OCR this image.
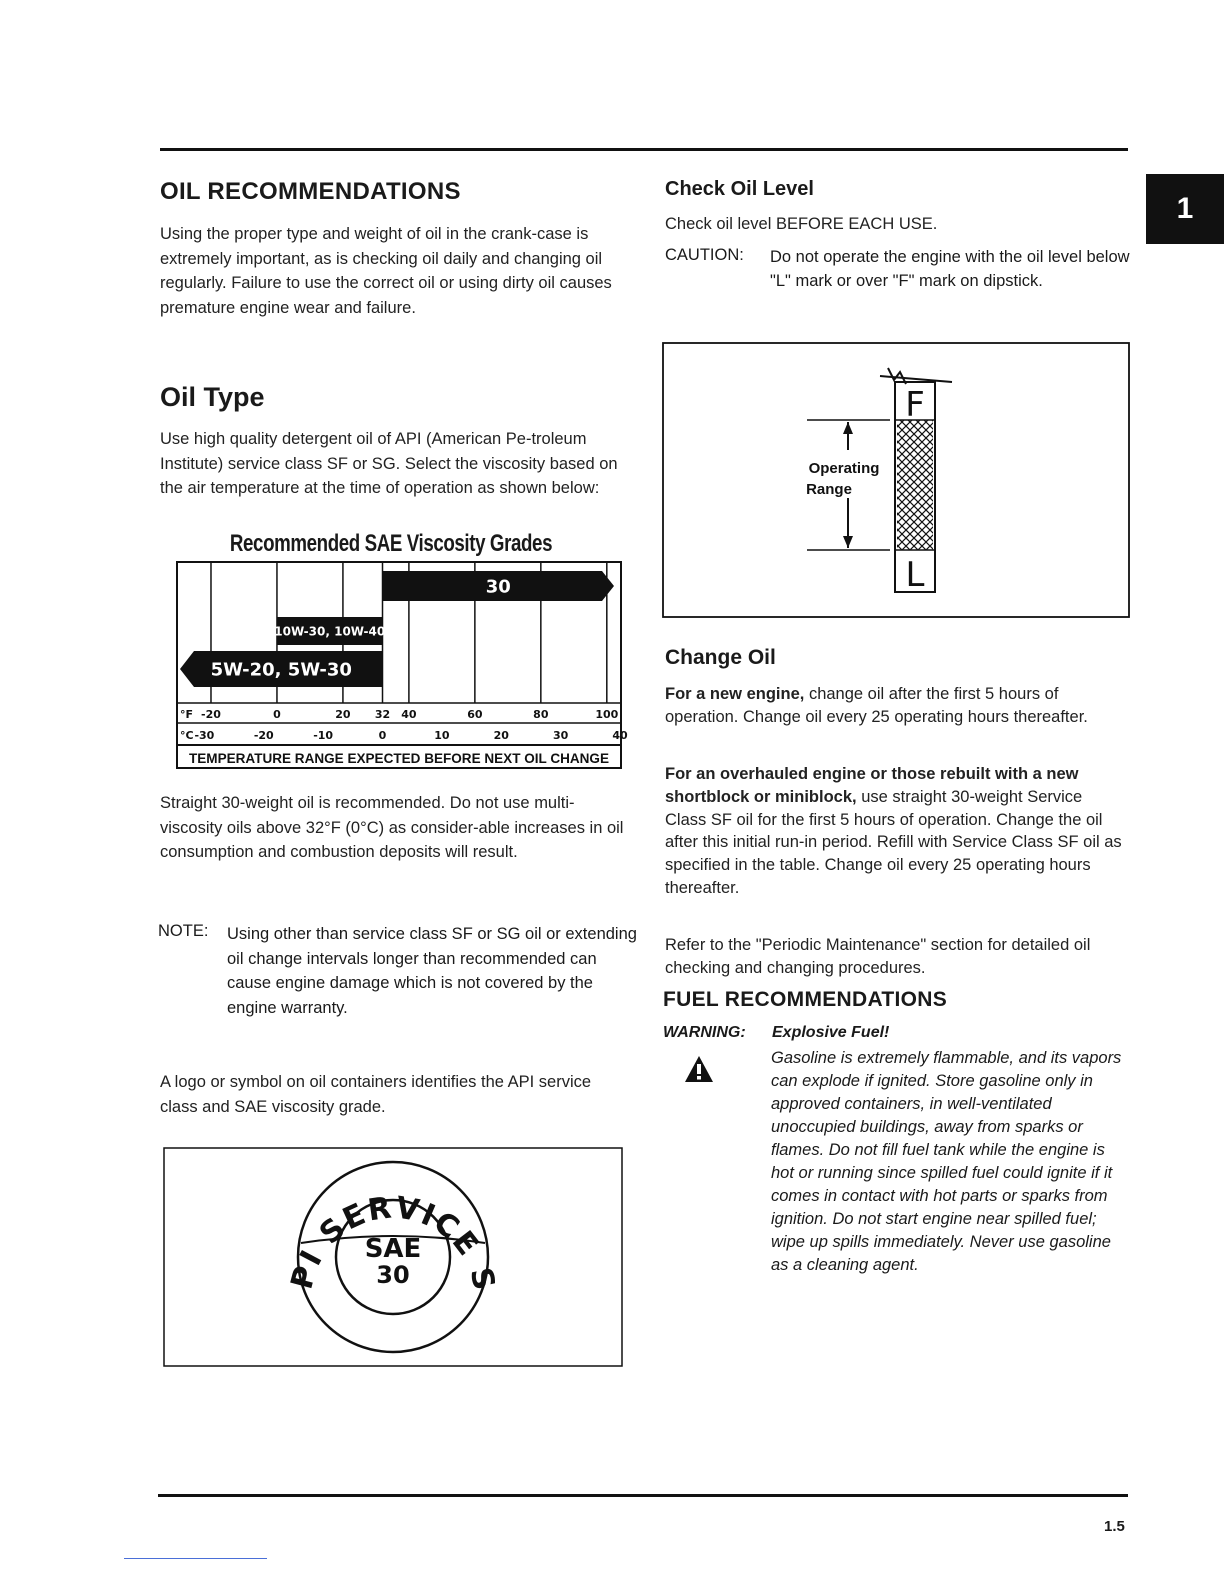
1
1.5
OIL RECOMMENDATIONS

Using the proper type and weight of oil in the crank-case is extremely important, as is checking oil daily and changing oil regularly. Failure to use the correct oil or using dirty oil causes premature engine wear and failure.

Oil Type

Use high quality detergent oil of API (American Pe-troleum Institute) service class SF or SG. Select the viscosity based on the air temperature at the time of operation as shown below:

Recommended SAE Viscosity Grades
30
10W-30, 10W-40
5W-20, 5W-30
°F
°C
-20	0	20 32 40	60	80	100
-30	-20	-10	0	10	20	30	40
TEMPERATURE RANGE EXPECTED BEFORE NEXT OIL CHANGE

Straight 30-weight oil is recommended. Do not use multi-viscosity oils above 32°F (0°C) as consider-able increases in oil consumption and combustion deposits will result.

NOTE: Using other than service class SF or SG oil or extending oil change intervals longer than recommended can cause engine damage which is not covered by the engine warranty.

A logo or symbol on oil containers identifies the API service class and SAE viscosity grade.

PI SERVICE S
SAE
30
Check Oil Level

Check oil level BEFORE EACH USE.

CAUTION: Do not operate the engine with the oil level below "L" mark or over "F" mark on dipstick.
F
L
Operating
Range
Change Oil

For a new engine, change oil after the first 5 hours of operation. Change oil every 25 operating hours thereafter.

For an overhauled engine or those rebuilt with a new shortblock or miniblock, use straight 30-weight Service Class SF oil for the first 5 hours of operation. Change the oil after this initial run-in period. Refill with Service Class SF oil as specified in the table. Change oil every 25 operating hours thereafter.

Refer to the "Periodic Maintenance" section for detailed oil checking and changing procedures.

FUEL RECOMMENDATIONS
WARNING: Explosive Fuel!
Gasoline is extremely flammable, and its vapors can explode if ignited. Store gasoline only in approved containers, in well-ventilated unoccupied buildings, away from sparks or flames. Do not fill fuel tank while the engine is hot or running since spilled fuel could ignite if it comes in contact with hot parts or sparks from ignition. Do not start engine near spilled fuel; wipe up spills immediately. Never use gasoline as a cleaning agent.
